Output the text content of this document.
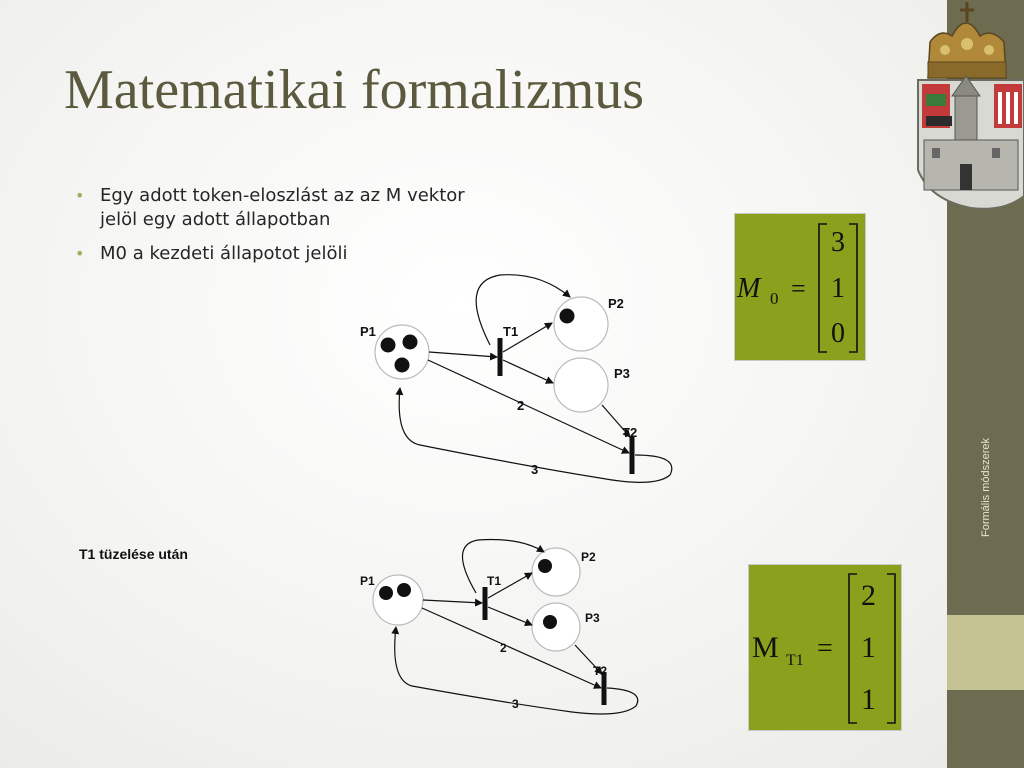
Matematikai formalizmus
• Egy adott token-eloszlást az az M vektor jelöl egy adott állapotban
• M0 a kezdeti állapotot jelöli
T1 tüzelése után
Formális módszerek
M 0 =
3
1
0
M T1 =
2
1
1
P1
P2
P3
T1
T2
2
3
P1
P2
P3
T1
T2
2
3
